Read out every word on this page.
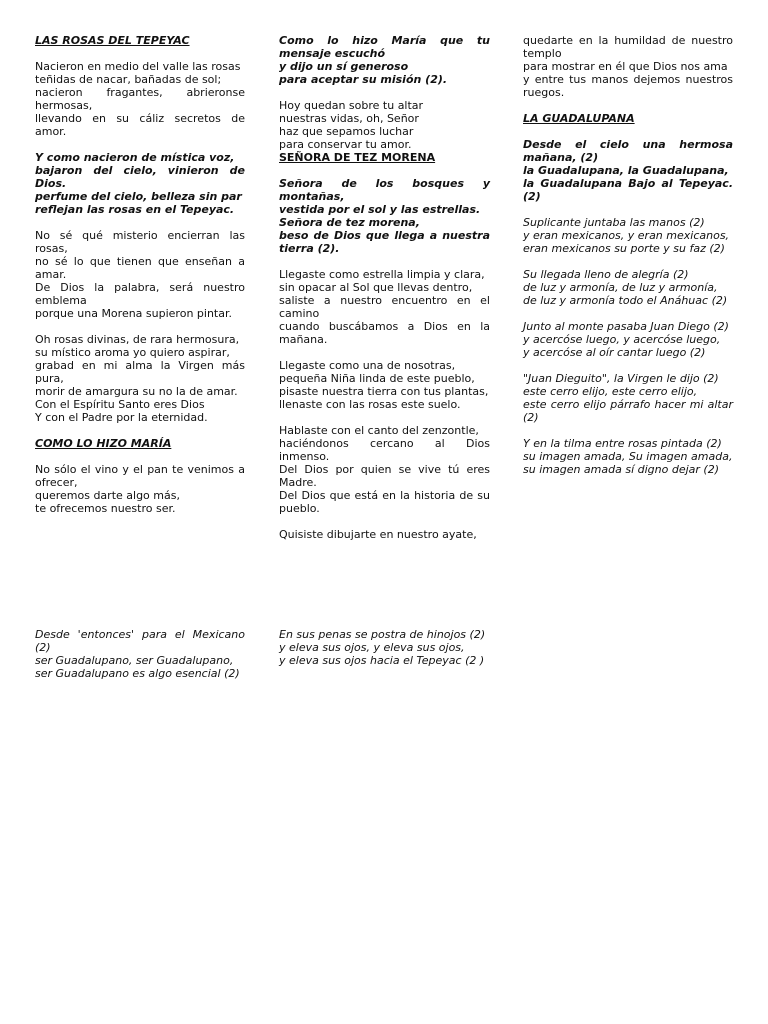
LAS ROSAS DEL TEPEYAC
Nacieron en medio del valle las rosas
teñidas de nacar, bañadas de sol;
nacieron fragantes, abrieronse hermosas,
llevando en su cáliz secretos de amor.
Y como nacieron de mística voz,
bajaron del cielo, vinieron de Dios.
perfume del cielo, belleza sin par
reflejan las rosas en el Tepeyac.
No sé qué misterio encierran las rosas,
no sé lo que tienen que enseñan a amar.
De Dios la palabra, será nuestro emblema
porque una Morena supieron pintar.
Oh rosas divinas, de rara hermosura,
su místico aroma yo quiero aspirar,
grabad en mi alma la Virgen más pura,
morir de amargura su no la de amar.
Con el Espíritu Santo eres Dios
Y con el Padre por la eternidad.
COMO LO HIZO MARÍA
No sólo el vino y el pan te venimos a ofrecer,
queremos darte algo más,
te ofrecemos nuestro ser.
Desde 'entonces' para el Mexicano (2)
ser Guadalupano, ser Guadalupano,
ser Guadalupano es algo esencial (2)
Como lo hizo María que tu mensaje escuchó
y dijo un sí generoso
para aceptar su misión (2).
Hoy quedan sobre tu altar
nuestras vidas, oh, Señor
haz que sepamos luchar
para conservar tu amor.
SEÑORA DE TEZ MORENA
Señora de los bosques y montañas,
vestida por el sol y las estrellas.
Señora de tez morena,
beso de Dios que llega a nuestra tierra (2).
Llegaste como estrella limpia y clara,
sin opacar al Sol que llevas dentro,
saliste a nuestro encuentro en el camino
cuando buscábamos a Dios en la mañana.
Llegaste como una de nosotras,
pequeña Niña linda de este pueblo,
pisaste nuestra tierra con tus plantas,
llenaste con las rosas este suelo.
Hablaste con el canto del zenzontle,
haciéndonos cercano al Dios inmenso.
Del Dios por quien se vive tú eres Madre.
Del Dios que está en la historia de su pueblo.
Quisiste dibujarte en nuestro ayate,
En sus penas se postra de hinojos (2)
y eleva sus ojos, y eleva sus ojos,
y eleva sus ojos hacia el Tepeyac (2 )
quedarte en la humildad de nuestro templo
para mostrar en él que Dios nos ama
y entre tus manos dejemos nuestros ruegos.
LA GUADALUPANA
Desde el cielo una hermosa mañana, (2)
la Guadalupana, la Guadalupana,
la Guadalupana Bajo al Tepeyac. (2)
Suplicante juntaba las manos (2)
y eran mexicanos, y eran mexicanos,
eran mexicanos su porte y su faz (2)
Su llegada lleno de alegría (2)
de luz y armonía, de luz y armonía,
de luz y armonía todo el Anáhuac (2)
Junto al monte pasaba Juan Diego (2)
y acercóse luego, y acercóse luego,
y acercóse al oír cantar luego (2)
"Juan Dieguito", la Virgen le dijo (2)
este cerro elijo, este cerro elijo,
este cerro elijo párrafo hacer mi altar (2)
Y en la tilma entre rosas pintada (2)
su imagen amada, Su imagen amada,
su imagen amada sí digno dejar (2)
